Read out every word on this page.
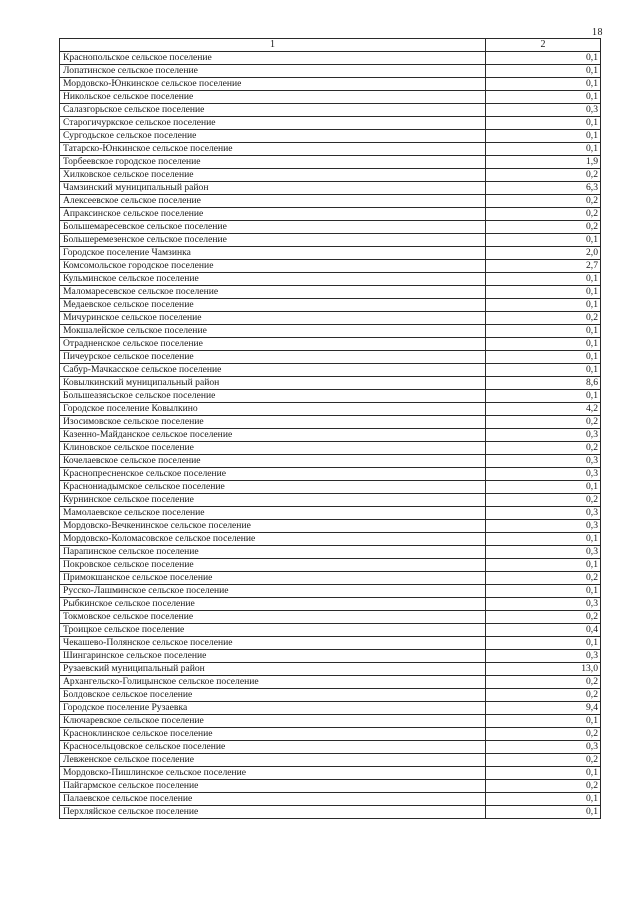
18
1	2
Краснопольское сельское поселение	0,1
Лопатинское сельское поселение	0,1
Мордовско-Юнкинское сельское поселение	0,1
Никольское сельское поселение	0,1
Салазгорьское сельское поселение	0,3
Старогичуркское сельское поселение	0,1
Сургодьское сельское поселение	0,1
Татарско-Юнкинское сельское поселение	0,1
Торбеевское городское поселение	1,9
Хилковское сельское поселение	0,2
Чамзинский муниципальный район	6,3
Алексеевское сельское поселение	0,2
Апраксинское сельское поселение	0,2
Большемаресевское сельское поселение	0,2
Большеремезенское сельское поселение	0,1
Городское поселение Чамзинка	2,0
Комсомольское городское поселение	2,7
Кульминское сельское поселение	0,1
Маломаресевское сельское поселение	0,1
Медаевское сельское поселение	0,1
Мичуринское сельское поселение	0,2
Мокшалейское сельское поселение	0,1
Отрадненское сельское поселение	0,1
Пичеурское сельское поселение	0,1
Сабур-Мачкасское сельское поселение	0,1
Ковылкинский муниципальный район	8,6
Большеазясьское сельское поселение	0,1
Городское поселение Ковылкино	4,2
Изосимовское сельское поселение	0,2
Казенно-Майданское сельское поселение	0,3
Клиновское сельское поселение	0,2
Кочелаевское сельское поселение	0,3
Краснопресненское сельское поселение	0,3
Краснониадымское сельское поселение	0,1
Курнинское сельское поселение	0,2
Мамолаевское сельское поселение	0,3
Мордовско-Вечкенинское сельское поселение	0,3
Мордовско-Коломасовское сельское поселение	0,1
Парапинское сельское поселение	0,3
Покровское сельское поселение	0,1
Примокшанское сельское поселение	0,2
Русско-Лашминское сельское поселение	0,1
Рыбкинское сельское поселение	0,3
Токмовское сельское поселение	0,2
Троицкое сельское поселение	0,4
Чекашево-Полянское сельское поселение	0,1
Шингаринское сельское поселение	0,3
Рузаевский муниципальный район	13,0
Архангельско-Голицынское сельское поселение	0,2
Болдовское сельское поселение	0,2
Городское поселение Рузаевка	9,4
Ключаревское сельское поселение	0,1
Красноклинское сельское поселение	0,2
Красносельцовское сельское поселение	0,3
Левженское сельское поселение	0,2
Мордовско-Пишлинское сельское поселение	0,1
Пайгармское сельское поселение	0,2
Палаевское сельское поселение	0,1
Перхляйское сельское поселение	0,1
